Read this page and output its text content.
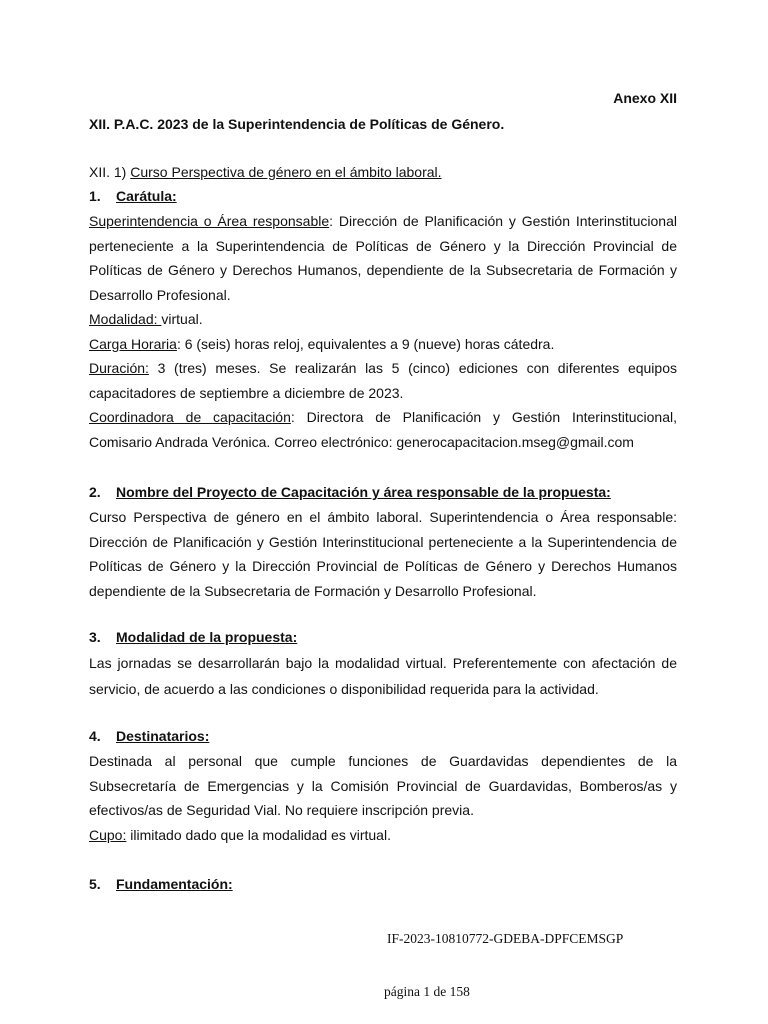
Anexo XII
XII. P.A.C. 2023 de la Superintendencia de Políticas de Género.
XII. 1) Curso Perspectiva de género en el ámbito laboral.
1. Carátula:
Superintendencia o Área responsable: Dirección de Planificación y Gestión Interinstitucional perteneciente a la Superintendencia de Políticas de Género y la Dirección Provincial de Políticas de Género y Derechos Humanos, dependiente de la Subsecretaria de Formación y Desarrollo Profesional.
Modalidad: virtual.
Carga Horaria: 6 (seis) horas reloj, equivalentes a 9 (nueve) horas cátedra.
Duración: 3 (tres) meses. Se realizarán las 5 (cinco) ediciones con diferentes equipos capacitadores de septiembre a diciembre de 2023.
Coordinadora de capacitación: Directora de Planificación y Gestión Interinstitucional, Comisario Andrada Verónica. Correo electrónico: generocapacitacion.mseg@gmail.com
2. Nombre del Proyecto de Capacitación y área responsable de la propuesta:
Curso Perspectiva de género en el ámbito laboral. Superintendencia o Área responsable: Dirección de Planificación y Gestión Interinstitucional perteneciente a la Superintendencia de Políticas de Género y la Dirección Provincial de Políticas de Género y Derechos Humanos dependiente de la Subsecretaria de Formación y Desarrollo Profesional.
3. Modalidad de la propuesta:
Las jornadas se desarrollarán bajo la modalidad virtual. Preferentemente con afectación de servicio, de acuerdo a las condiciones o disponibilidad requerida para la actividad.
4. Destinatarios:
Destinada al personal que cumple funciones de Guardavidas dependientes de la Subsecretaría de Emergencias y la Comisión Provincial de Guardavidas, Bomberos/as y efectivos/as de Seguridad Vial. No requiere inscripción previa.
Cupo: ilimitado dado que la modalidad es virtual.
5. Fundamentación:
IF-2023-10810772-GDEBA-DPFCEMSGP
página 1 de 158
